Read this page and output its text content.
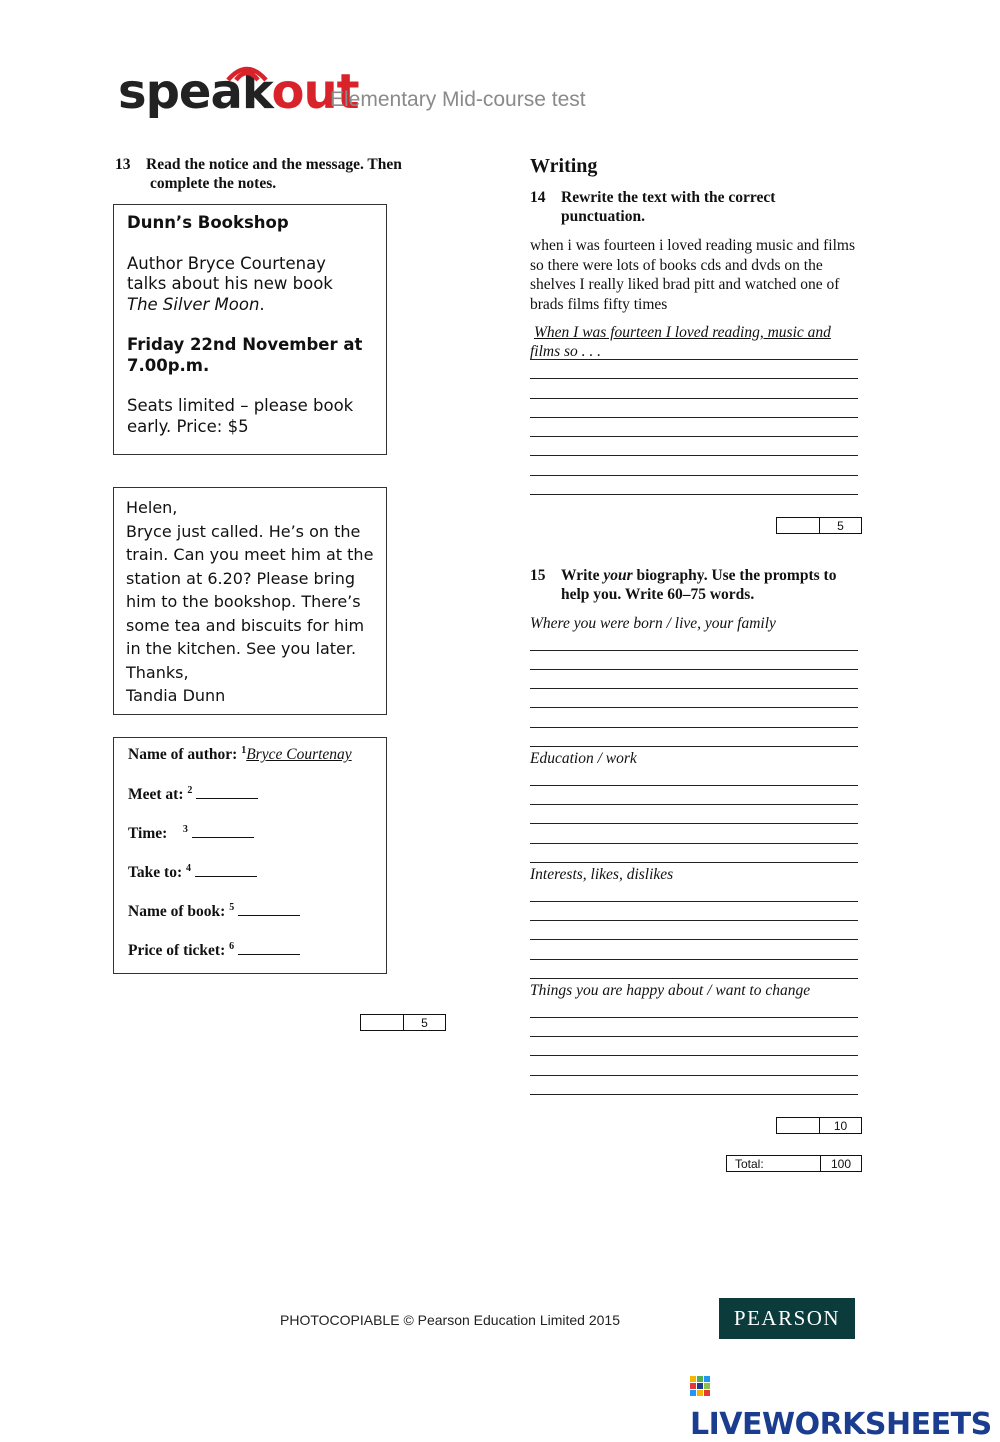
speakout
Elementary Mid-course test
13 Read the notice and the message. Then
complete the notes.

Dunn’s Bookshop

Author Bryce Courtenay
talks about his new book
The Silver Moon.

Friday 22nd November at
7.00p.m.

Seats limited – please book
early. Price: $5

Helen,
Bryce just called. He’s on the
train. Can you meet him at the
station at 6.20? Please bring
him to the bookshop. There’s
some tea and biscuits for him
in the kitchen. See you later.
Thanks,
Tandia Dunn
Name of author: $^1$Bryce Courtenay
Meet at: $^2$
Time: $^3$
Take to: $^4$
Name of book: $^5$
Price of ticket: $^6$
5
Writing
14 Rewrite the text with the correct
punctuation.
when i was fourteen i loved reading music and films
so there were lots of books cds and dvds on the
shelves I really liked brad pitt and watched one of
brads films fifty times
When I was fourteen I loved reading, music and
films so . . .
5
15 Write your biography. Use the prompts to
help you. Write 60–75 words.
Where you were born / live, your family
Education / work
Interests, likes, dislikes
Things you are happy about / want to change
10
Total:	100
PHOTOCOPIABLE © Pearson Education Limited 2015	PEARSON
LIVEWORKSHEETS
